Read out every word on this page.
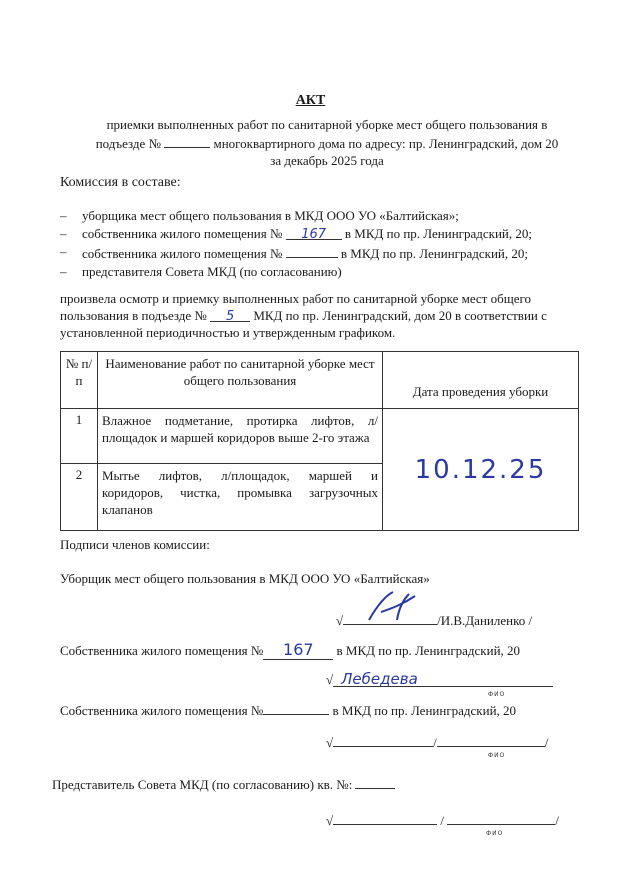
АКТ
приемки выполненных работ по санитарной уборке мест общего пользования в
подъезде №	многоквартирного дома по адресу: пр. Ленинградский, дом 20
за декабрь 2025 года
Комиссия в составе:
– уборщика мест общего пользования в МКД ООО УО «Балтийская»;
– собственника жилого помещения № 167 в МКД по пр. Ленинградский, 20;
– собственника жилого помещения №	в МКД по пр. Ленинградский, 20;
– представителя Совета МКД (по согласованию)
произвела осмотр и приемку выполненных работ по санитарной уборке мест общего
пользования в подъезде № 5 МКД по пр. Ленинградский, дом 20 в соответствии с
установленной периодичностью и утвержденным графиком.
№ п/п	Наименование работ по санитарной уборке мест общего пользования	Дата проведения уборки
1	Влажное подметание, протирка лифтов, л/площадок и маршей коридоров выше 2-го этажа	10.12.25
2	Мытье лифтов, л/площадок, маршей и коридоров, чистка, промывка загрузочных клапанов	
Подписи членов комиссии:
Уборщик мест общего пользования в МКД ООО УО «Балтийская»
√	/И.В.Даниленко /
Собственника жилого помещения № 167 в МКД по пр. Ленинградский, 20
√ Лебедева
ФИО
Собственника жилого помещения №	в МКД по пр. Ленинградский, 20
√	/	/
ФИО
Представитель Совета МКД (по согласованию) кв. №:
√	/	/
ФИО
